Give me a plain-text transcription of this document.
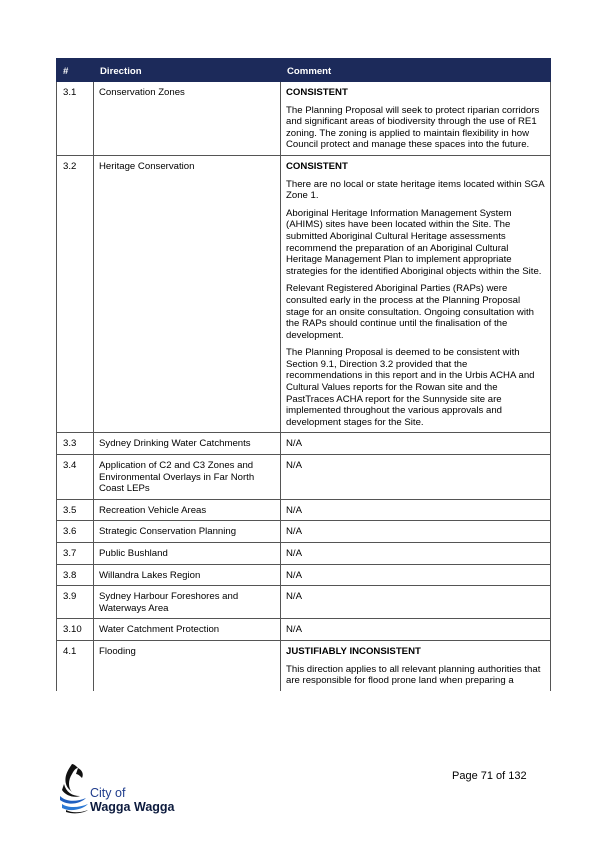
#	Direction	Comment
3.1	Conservation Zones	CONSISTENT

The Planning Proposal will seek to protect riparian corridors and significant areas of biodiversity through the use of RE1 zoning. The zoning is applied to maintain flexibility in how Council protect and manage these spaces into the future.

3.2	Heritage Conservation	CONSISTENT

There are no local or state heritage items located within SGA Zone 1.

Aboriginal Heritage Information Management System (AHIMS) sites have been located within the Site. The submitted Aboriginal Cultural Heritage assessments recommend the preparation of an Aboriginal Cultural Heritage Management Plan to implement appropriate strategies for the identified Aboriginal objects within the Site.

Relevant Registered Aboriginal Parties (RAPs) were consulted early in the process at the Planning Proposal stage for an onsite consultation. Ongoing consultation with the RAPs should continue until the finalisation of the development.

The Planning Proposal is deemed to be consistent with Section 9.1, Direction 3.2 provided that the recommendations in this report and in the Urbis ACHA and Cultural Values reports for the Rowan site and the PastTraces ACHA report for the Sunnyside site are implemented throughout the various approvals and development stages for the Site.

3.3	Sydney Drinking Water Catchments	N/A

3.4	Application of C2 and C3 Zones and Environmental Overlays in Far North Coast LEPs	N/A

3.5	Recreation Vehicle Areas	N/A

3.6	Strategic Conservation Planning	N/A

3.7	Public Bushland	N/A

3.8	Willandra Lakes Region	N/A

3.9	Sydney Harbour Foreshores and Waterways Area	N/A

3.10	Water Catchment Protection	N/A

4.1	Flooding	JUSTIFIABLY INCONSISTENT

This direction applies to all relevant planning authorities that are responsible for flood prone land when preparing a

City of
Wagga Wagga
Page 71 of 132
